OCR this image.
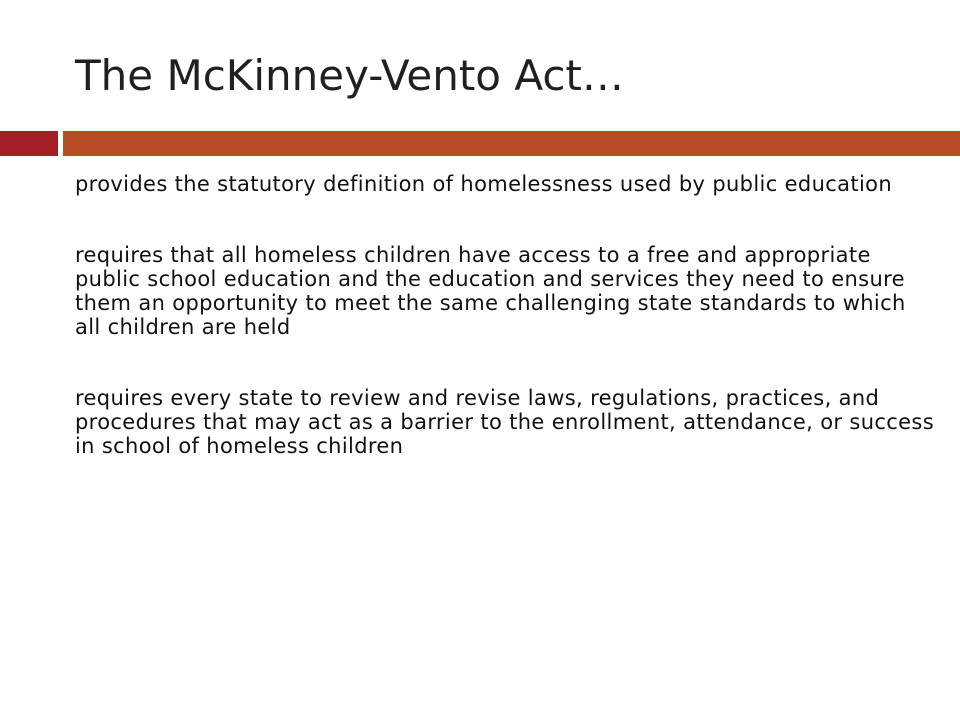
The McKinney-Vento Act…

provides the statutory definition of homelessness used by public education

requires that all homeless children have access to a free and appropriate public school education and the education and services they need to ensure them an opportunity to meet the same challenging state standards to which all children are held

requires every state to review and revise laws, regulations, practices, and procedures that may act as a barrier to the enrollment, attendance, or success in school of homeless children
